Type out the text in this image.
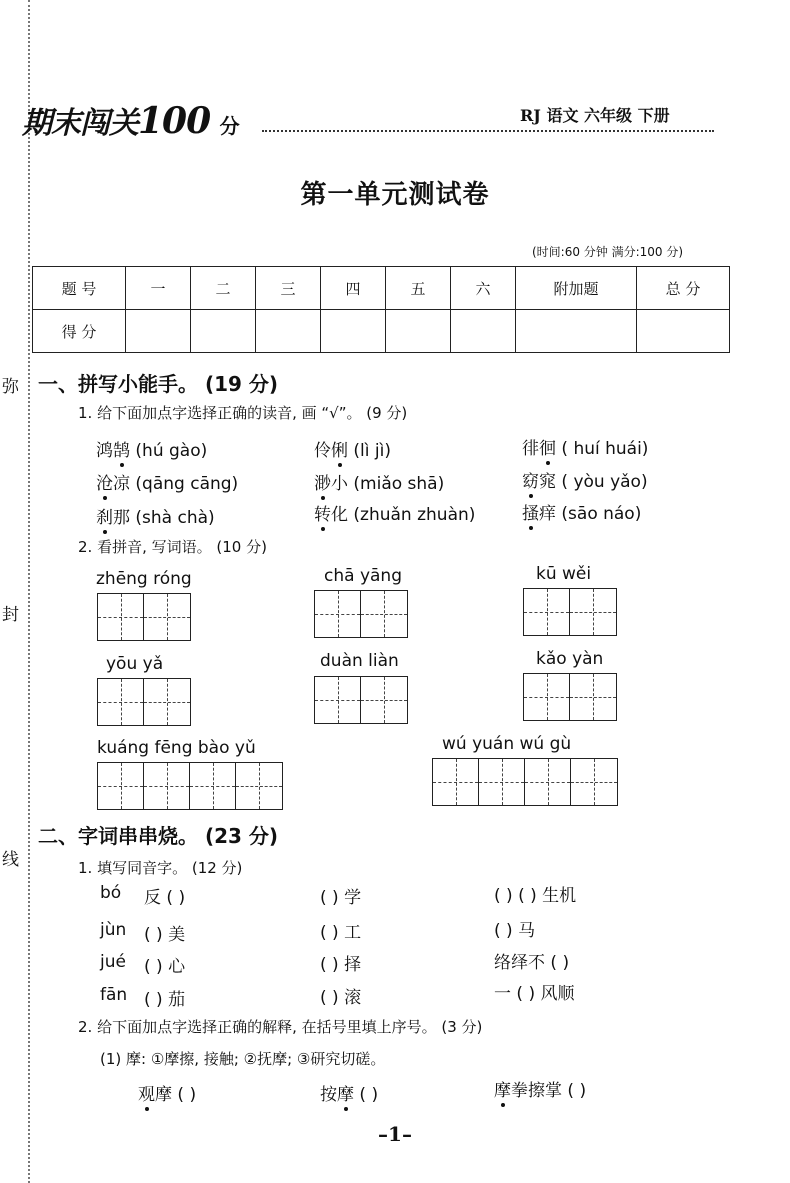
弥
封
线
期末闯关100 分	RJ 语文 六年级 下册
第一单元测试卷
(时间:60 分钟 满分:100 分)
题 号	一	二	三	四	五	六	附加题	总 分
得 分								
一、拼写小能手。 (19 分)
1. 给下面加点字选择正确的读音, 画 “√”。 (9 分)
鸿鹄 (hú gào)	伶俐 (lì jì)	徘徊 ( huí huái)
沧凉 (qāng cāng)	渺小 (miǎo shā)	窈窕 ( yòu yǎo)
刹那 (shà chà)	转化 (zhuǎn zhuàn)	搔痒 (sāo náo)
2. 看拼音, 写词语。 (10 分)
zhēng róng	chā yāng	kū wěi
yōu yǎ	duàn liàn	kǎo yàn
kuáng fēng bào yǔ	wú yuán wú gù
二、字词串串烧。 (23 分)
1. 填写同音字。 (12 分)
bó 反 ( )	( ) 学	( ) ( ) 生机
jùn ( ) 美	( ) 工	( ) 马
jué ( ) 心	( ) 择	络绎不 ( )
fān ( ) 茄	( ) 滚	一 ( ) 风顺
2. 给下面加点字选择正确的解释, 在括号里填上序号。 (3 分)
(1) 摩: ①摩擦, 接触; ②抚摩; ③研究切磋。
观摩 ( )	按摩 ( )	摩拳擦掌 ( )
–1–
